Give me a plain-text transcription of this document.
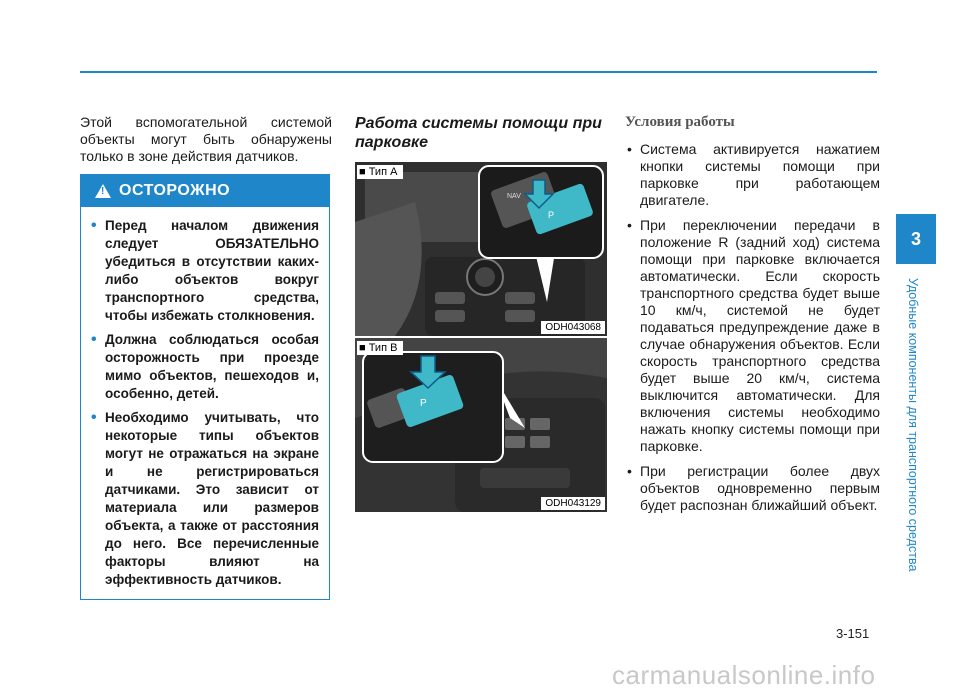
Этой вспомогательной системой объекты могут быть обнаружены только в зоне действия датчиков.

!
ОСТОРОЖНО
• Перед началом движения следует ОБЯЗАТЕЛЬНО убедиться в отсутствии каких-либо объектов вокруг транспортного средства, чтобы избежать столкновения.
• Должна соблюдаться особая осторожность при проезде мимо объектов, пешеходов и, особенно, детей.
• Необходимо учитывать, что некоторые типы объектов могут не отражаться на экране и не регистрироваться датчиками. Это зависит от материала или размеров объекта, а также от расстояния до него. Все перечисленные факторы влияют на эффективность датчиков.
Работа системы помощи при парковке
■ Тип A
NAV
P
ODH043068
■ Тип B
P
ODH043129
Условия работы
• Система активируется нажатием кнопки системы помощи при парковке при работающем двигателе.
• При переключении передачи в положение R (задний ход) система помощи при парковке включается автоматически. Если скорость транспортного средства будет выше 10 км/ч, системой не будет подаваться предупреждение даже в случае обнаружения объектов. Если скорость транспортного средства будет выше 20 км/ч, система выключится автоматически. Для включения системы необходимо нажать кнопку системы помощи при парковке.
• При регистрации более двух объектов одновременно первым будет распознан ближайший объект.
3
Удобные компоненты для транспортного средства
3-151
carmanualsonline.info
